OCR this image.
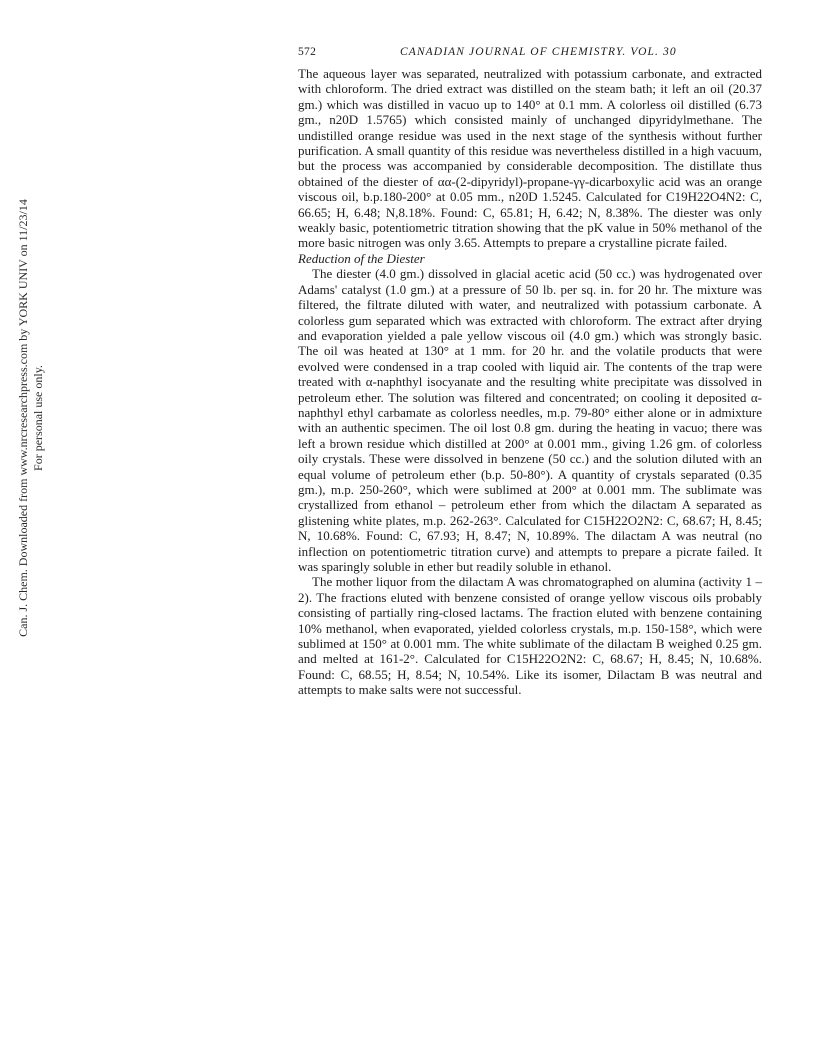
572	CANADIAN JOURNAL OF CHEMISTRY. VOL. 30
Can. J. Chem. Downloaded from www.nrcresearchpress.com by YORK UNIV on 11/23/14 For personal use only.

The aqueous layer was separated, neutralized with potassium carbonate, and extracted with chloroform. The dried extract was distilled on the steam bath; it left an oil (20.37 gm.) which was distilled in vacuo up to 140° at 0.1 mm. A colorless oil distilled (6.73 gm., n20D 1.5765) which consisted mainly of unchanged dipyridylmethane. The undistilled orange residue was used in the next stage of the synthesis without further purification. A small quantity of this residue was nevertheless distilled in a high vacuum, but the process was accompanied by considerable decomposition. The distillate thus obtained of the diester of αα-(2-dipyridyl)-propane-γγ-dicarboxylic acid was an orange viscous oil, b.p.180-200° at 0.05 mm., n20D 1.5245. Calculated for C19H22O4N2: C, 66.65; H, 6.48; N,8.18%. Found: C, 65.81; H, 6.42; N, 8.38%. The diester was only weakly basic, potentiometric titration showing that the pK value in 50% methanol of the more basic nitrogen was only 3.65. Attempts to prepare a crystalline picrate failed.

Reduction of the Diester

The diester (4.0 gm.) dissolved in glacial acetic acid (50 cc.) was hydrogenated over Adams' catalyst (1.0 gm.) at a pressure of 50 lb. per sq. in. for 20 hr. The mixture was filtered, the filtrate diluted with water, and neutralized with potassium carbonate. A colorless gum separated which was extracted with chloroform. The extract after drying and evaporation yielded a pale yellow viscous oil (4.0 gm.) which was strongly basic. The oil was heated at 130° at 1 mm. for 20 hr. and the volatile products that were evolved were condensed in a trap cooled with liquid air. The contents of the trap were treated with α-naphthyl isocyanate and the resulting white precipitate was dissolved in petroleum ether. The solution was filtered and concentrated; on cooling it deposited α-naphthyl ethyl carbamate as colorless needles, m.p. 79-80° either alone or in admixture with an authentic specimen. The oil lost 0.8 gm. during the heating in vacuo; there was left a brown residue which distilled at 200° at 0.001 mm., giving 1.26 gm. of colorless oily crystals. These were dissolved in benzene (50 cc.) and the solution diluted with an equal volume of petroleum ether (b.p. 50-80°). A quantity of crystals separated (0.35 gm.), m.p. 250-260°, which were sublimed at 200° at 0.001 mm. The sublimate was crystallized from ethanol – petroleum ether from which the dilactam A separated as glistening white plates, m.p. 262-263°. Calculated for C15H22O2N2: C, 68.67; H, 8.45; N, 10.68%. Found: C, 67.93; H, 8.47; N, 10.89%. The dilactam A was neutral (no inflection on potentiometric titration curve) and attempts to prepare a picrate failed. It was sparingly soluble in ether but readily soluble in ethanol.

The mother liquor from the dilactam A was chromatographed on alumina (activity 1 – 2). The fractions eluted with benzene consisted of orange yellow viscous oils probably consisting of partially ring-closed lactams. The fraction eluted with benzene containing 10% methanol, when evaporated, yielded colorless crystals, m.p. 150-158°, which were sublimed at 150° at 0.001 mm. The white sublimate of the dilactam B weighed 0.25 gm. and melted at 161-2°. Calculated for C15H22O2N2: C, 68.67; H, 8.45; N, 10.68%. Found: C, 68.55; H, 8.54; N, 10.54%. Like its isomer, Dilactam B was neutral and attempts to make salts were not successful.
